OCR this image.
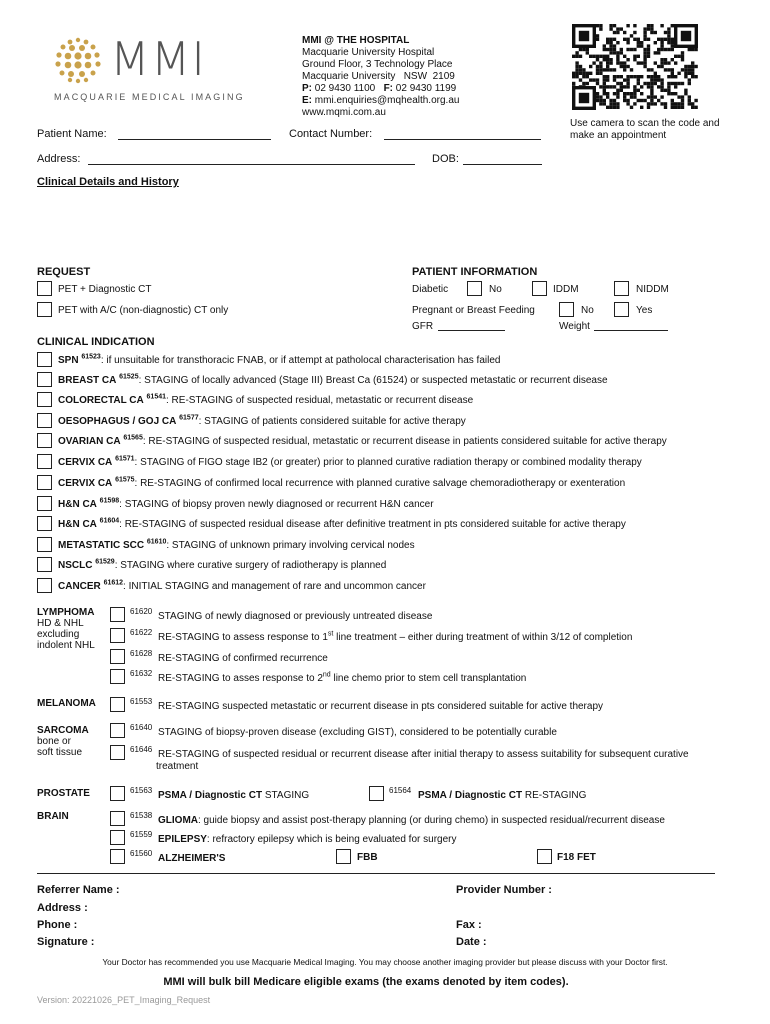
MMI
MACQUARIE MEDICAL IMAGING
MMI @ THE HOSPITAL
Macquarie University Hospital
Ground Floor, 3 Technology Place
Macquarie University   NSW  2109
P: 02 9430 1100 F: 02 9430 1199
E: mmi.enquiries@mqhealth.org.au
www.mqmi.com.au
Use camera to scan the code and make an appointment
Patient Name:	Contact Number:
Address:	DOB:
Clinical Details and History
REQUEST
PET + Diagnostic CT
PET with A/C (non-diagnostic) CT only
PATIENT INFORMATION
Diabetic	No	IDDM	NIDDM
Pregnant or Breast Feeding	No	Yes
GFR	Weight
CLINICAL INDICATION
SPN $^{61523}$: if unsuitable for transthoracic FNAB, or if attempt at patholocal characterisation has failed
BREAST CA $^{61525}$: STAGING of locally advanced (Stage III) Breast Ca (61524) or suspected metastatic or recurrent disease
COLORECTAL CA $^{61541}$: RE-STAGING of suspected residual, metastatic or recurrent disease
OESOPHAGUS / GOJ CA $^{61577}$: STAGING of patients considered suitable for active therapy
OVARIAN CA $^{61565}$: RE-STAGING of suspected residual, metastatic or recurrent disease in patients considered suitable for active therapy
CERVIX CA $^{61571}$: STAGING of FIGO stage IB2 (or greater) prior to planned curative radiation therapy or combined modality therapy
CERVIX CA $^{61575}$: RE-STAGING of confirmed local recurrence with planned curative salvage chemoradiotherapy or exenteration
H&N CA $^{61598}$: STAGING of biopsy proven newly diagnosed or recurrent H&N cancer
H&N CA $^{61604}$: RE-STAGING of suspected residual disease after definitive treatment in pts considered suitable for active therapy
METASTATIC SCC $^{61610}$: STAGING of unknown primary involving cervical nodes
NSCLC $^{61529}$: STAGING where curative surgery of radiotherapy is planned
CANCER $^{61612}$: INITIAL STAGING and management of rare and uncommon cancer
LYMPHOMA
HD & NHL
excluding
indolent NHL
61620 STAGING of newly diagnosed or previously untreated disease
61622 RE-STAGING to assess response to 1st line treatment – either during treatment of within 3/12 of completion
61628 RE-STAGING of confirmed recurrence
61632 RE-STAGING to asses response to 2nd line chemo prior to stem cell transplantation
MELANOMA	61553 RE-STAGING suspected metastatic or recurrent disease in pts considered suitable for active therapy
SARCOMA
bone or
soft tissue
61640 STAGING of biopsy-proven disease (excluding GIST), considered to be potentially curable
61646 RE-STAGING of suspected residual or recurrent disease after initial therapy to assess suitability for subsequent curative
treatment
PROSTATE	61563 PSMA / Diagnostic CT STAGING	61564 PSMA / Diagnostic CT RE-STAGING
BRAIN	61538 GLIOMA: guide biopsy and assist post-therapy planning (or during chemo) in suspected residual/recurrent disease
61559 EPILEPSY: refractory epilepsy which is being evaluated for surgery
61560 ALZHEIMER'S	FBB	F18 FET
Referrer Name :
Address :
Phone :
Signature :
Provider Number :
Fax :
Date :
Your Doctor has recommended you use Macquarie Medical Imaging. You may choose another imaging provider but please discuss with your Doctor first.
MMI will bulk bill Medicare eligible exams (the exams denoted by item codes).
Version: 20221026_PET_Imaging_Request
